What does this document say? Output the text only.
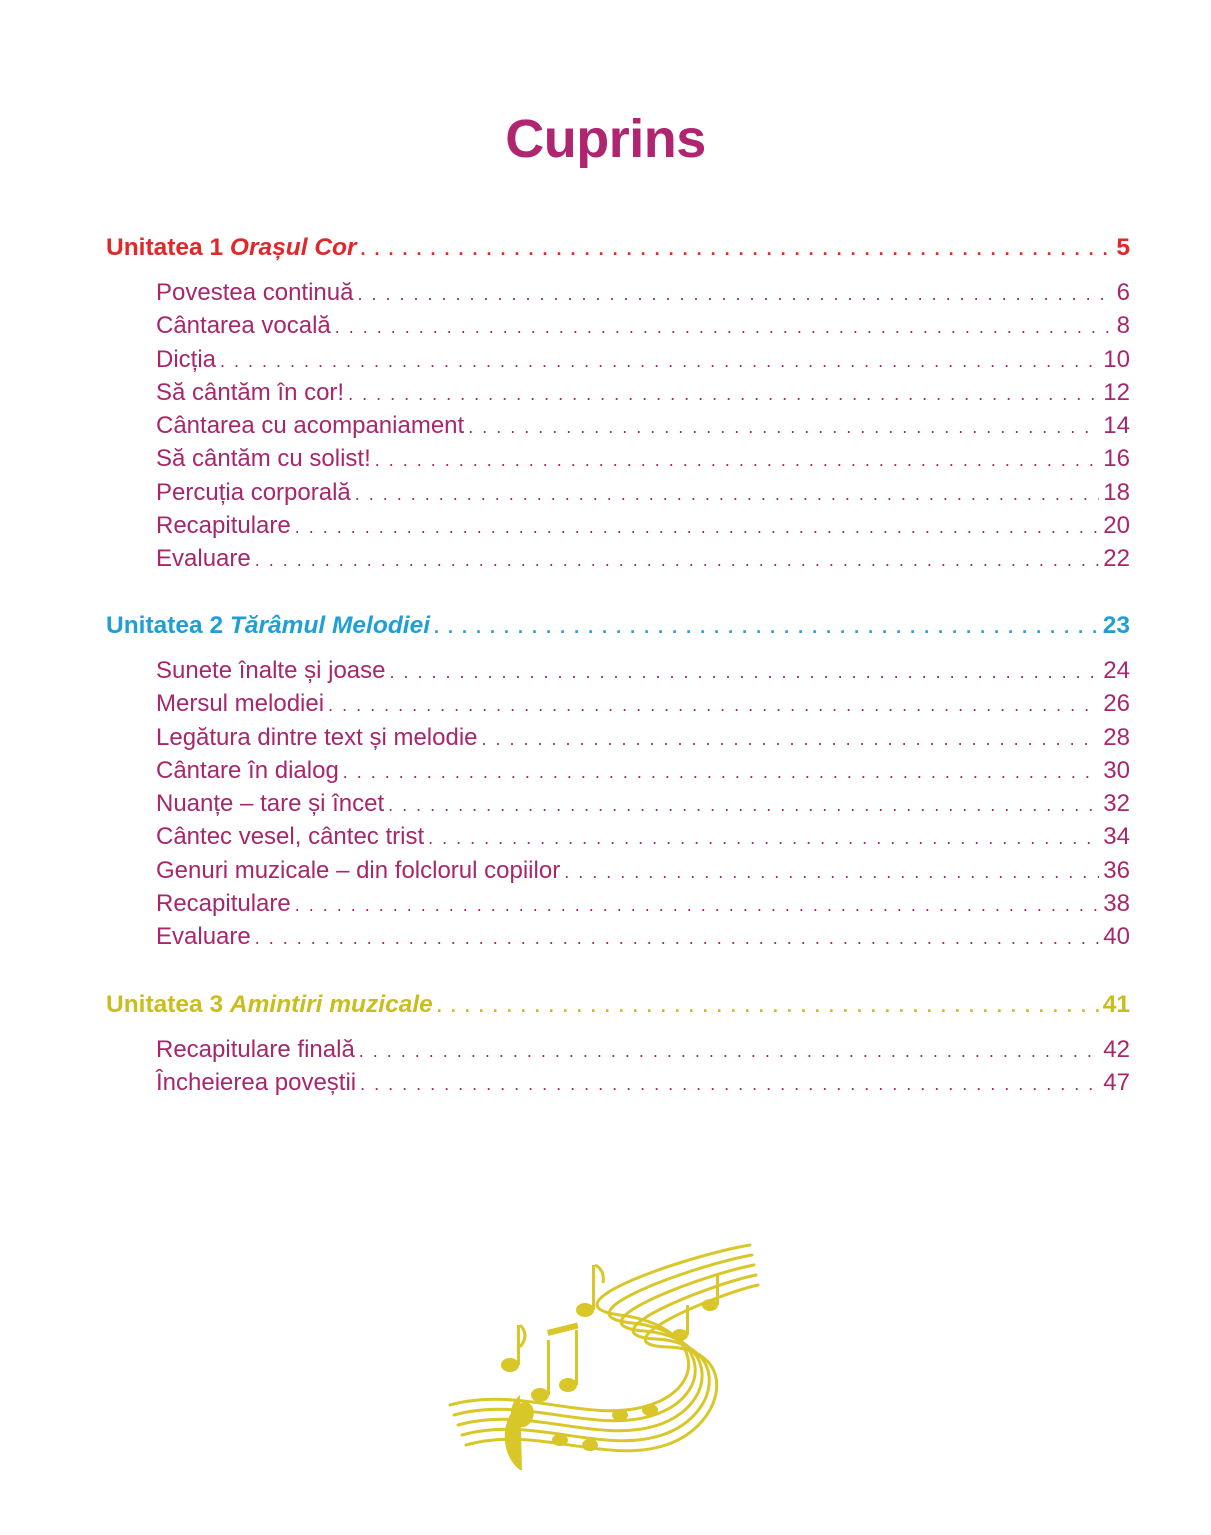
Cuprins
Unitatea 1 Orașul Cor . . .	5
Povestea continuă . . .	6
Cântarea vocală . . .	8
Dicția . . .	10
Să cântăm în cor! . . .	12
Cântarea cu acompaniament . . .	14
Să cântăm cu solist! . . .	16
Percuția corporală . . .	18
Recapitulare . . .	20
Evaluare . . .	22
Unitatea 2 Tărâmul Melodiei . . .	23
Sunete înalte și joase . . .	24
Mersul melodiei . . .	26
Legătura dintre text și melodie . . .	28
Cântare în dialog . . .	30
Nuanțe – tare și încet . . .	32
Cântec vesel, cântec trist . . .	34
Genuri muzicale – din folclorul copiilor . . .	36
Recapitulare . . .	38
Evaluare . . .	40
Unitatea 3 Amintiri muzicale . . .	41
Recapitulare finală . . .	42
Încheierea poveștii . . .	47
